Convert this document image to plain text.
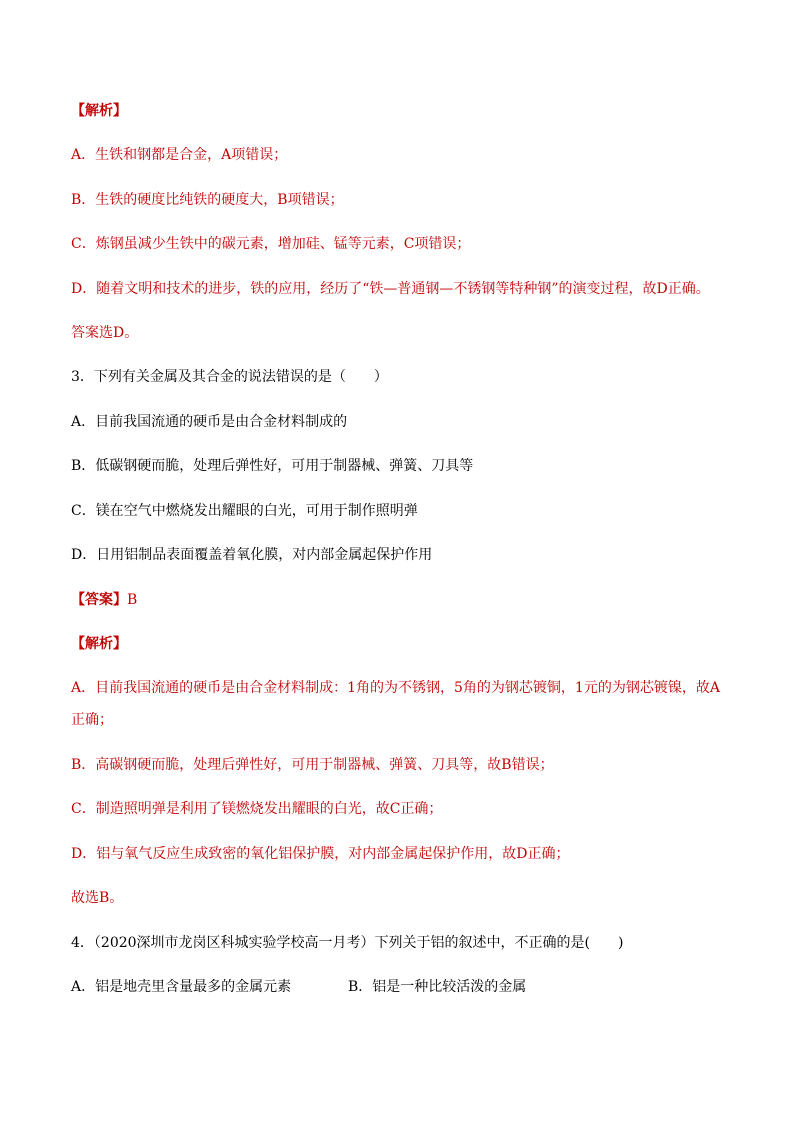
【解析】
A．生铁和钢都是合金，A项错误；
B．生铁的硬度比纯铁的硬度大，B项错误；
C．炼钢虽减少生铁中的碳元素，增加硅、锰等元素，C项错误；
D．随着文明和技术的进步，铁的应用，经历了“铁—普通钢—不锈钢等特种钢”的演变过程，故D正确。
答案选D。
3．下列有关金属及其合金的说法错误的是（　　）
A．目前我国流通的硬币是由合金材料制成的
B．低碳钢硬而脆，处理后弹性好，可用于制器械、弹簧、刀具等
C．镁在空气中燃烧发出耀眼的白光，可用于制作照明弹
D．日用铝制品表面覆盖着氧化膜，对内部金属起保护作用
【答案】B
【解析】
A．目前我国流通的硬币是由合金材料制成：1角的为不锈钢，5角的为钢芯镀铜，1元的为钢芯镀镍，故A
正确；
B．高碳钢硬而脆，处理后弹性好，可用于制器械、弹簧、刀具等，故B错误；
C．制造照明弹是利用了镁燃烧发出耀眼的白光，故C正确；
D．铝与氧气反应生成致密的氧化铝保护膜，对内部金属起保护作用，故D正确；
故选B。
4．（2020深圳市龙岗区科城实验学校高一月考）下列关于铝的叙述中，不正确的是(　　)
A．铝是地壳里含量最多的金属元素	B．铝是一种比较活泼的金属
